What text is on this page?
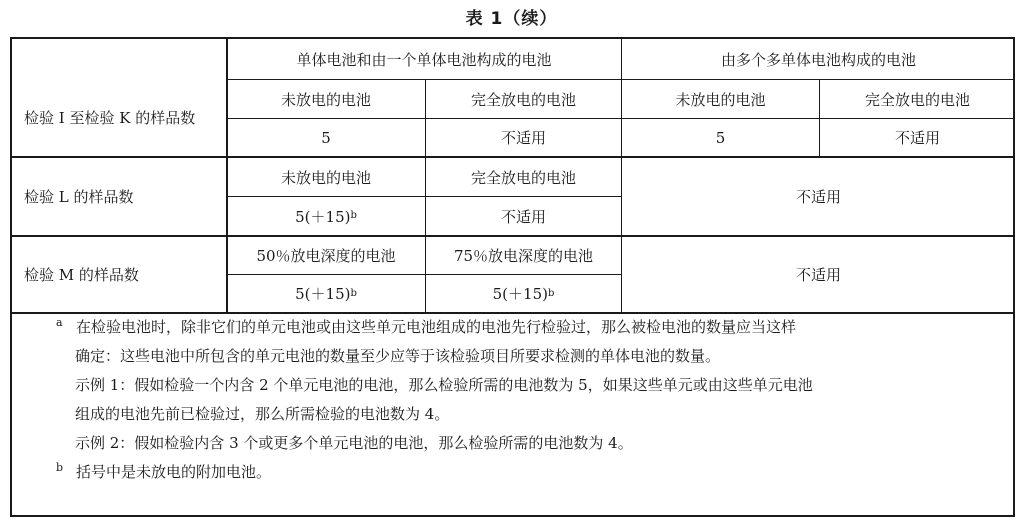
表 1（续）
单体电池和由一个单体电池构成的电池	由多个多单体电池构成的电池
检验 I 至检验 K 的样品数
未放电的电池	完全放电的电池	未放电的电池	完全放电的电池
5	不适用	5	不适用
检验 L 的样品数
未放电的电池	完全放电的电池
5(＋15) b	不适用
不适用
检验 M 的样品数
50％放电深度的电池	75％放电深度的电池
5(＋15) b	5(＋15) b
不适用

a 在检验电池时，除非它们的单元电池或由这些单元电池组成的电池先行检验过，那么被检电池的数量应当这样

确定：这些电池中所包含的单元电池的数量至少应等于该检验项目所要求检测的单体电池的数量。

示例 1：假如检验一个内含 2 个单元电池的电池，那么检验所需的电池数为 5，如果这些单元或由这些单元电池

组成的电池先前已检验过，那么所需检验的电池数为 4。

示例 2：假如检验内含 3 个或更多个单元电池的电池，那么检验所需的电池数为 4。

b 括号中是未放电的附加电池。
